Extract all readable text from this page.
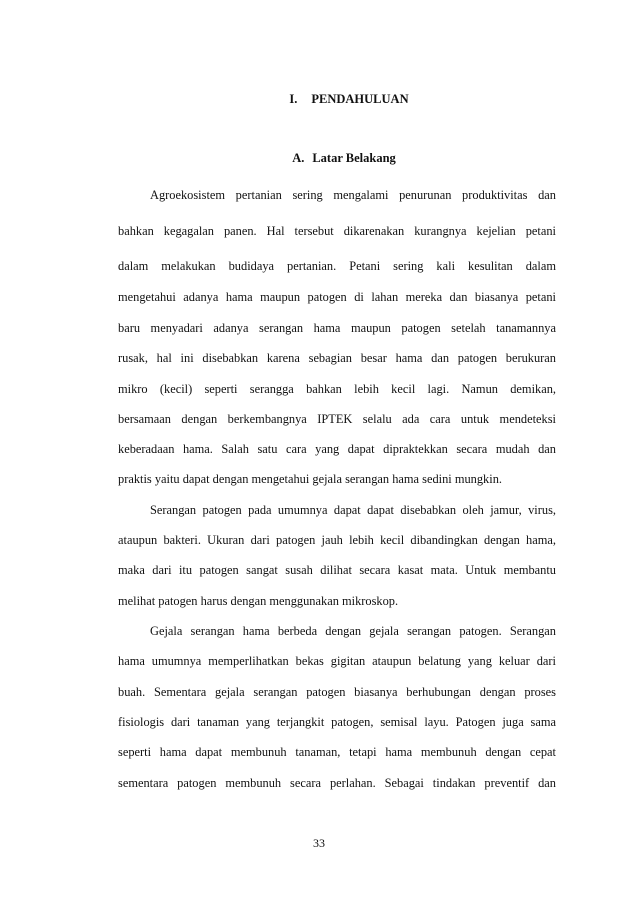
I. PENDAHULUAN
A. Latar Belakang
Agroekosistem pertanian sering mengalami penurunan produktivitas dan
bahkan kegagalan panen. Hal tersebut dikarenakan kurangnya kejelian petani
dalam melakukan budidaya pertanian. Petani sering kali kesulitan dalam
mengetahui adanya hama maupun patogen di lahan mereka dan biasanya petani
baru menyadari adanya serangan hama maupun patogen setelah tanamannya
rusak, hal ini disebabkan karena sebagian besar hama dan patogen berukuran
mikro (kecil) seperti serangga bahkan lebih kecil lagi. Namun demikan,
bersamaan dengan berkembangnya IPTEK selalu ada cara untuk mendeteksi
keberadaan hama. Salah satu cara yang dapat dipraktekkan secara mudah dan
praktis yaitu dapat dengan mengetahui gejala serangan hama sedini mungkin.
Serangan patogen pada umumnya dapat dapat disebabkan oleh jamur, virus,
ataupun bakteri. Ukuran dari patogen jauh lebih kecil dibandingkan dengan hama,
maka dari itu patogen sangat susah dilihat secara kasat mata. Untuk membantu
melihat patogen harus dengan menggunakan mikroskop.
Gejala serangan hama berbeda dengan gejala serangan patogen. Serangan
hama umumnya memperlihatkan bekas gigitan ataupun belatung yang keluar dari
buah. Sementara gejala serangan patogen biasanya berhubungan dengan proses
fisiologis dari tanaman yang terjangkit patogen, semisal layu. Patogen juga sama
seperti hama dapat membunuh tanaman, tetapi hama membunuh dengan cepat
sementara patogen membunuh secara perlahan. Sebagai tindakan preventif dan
33
